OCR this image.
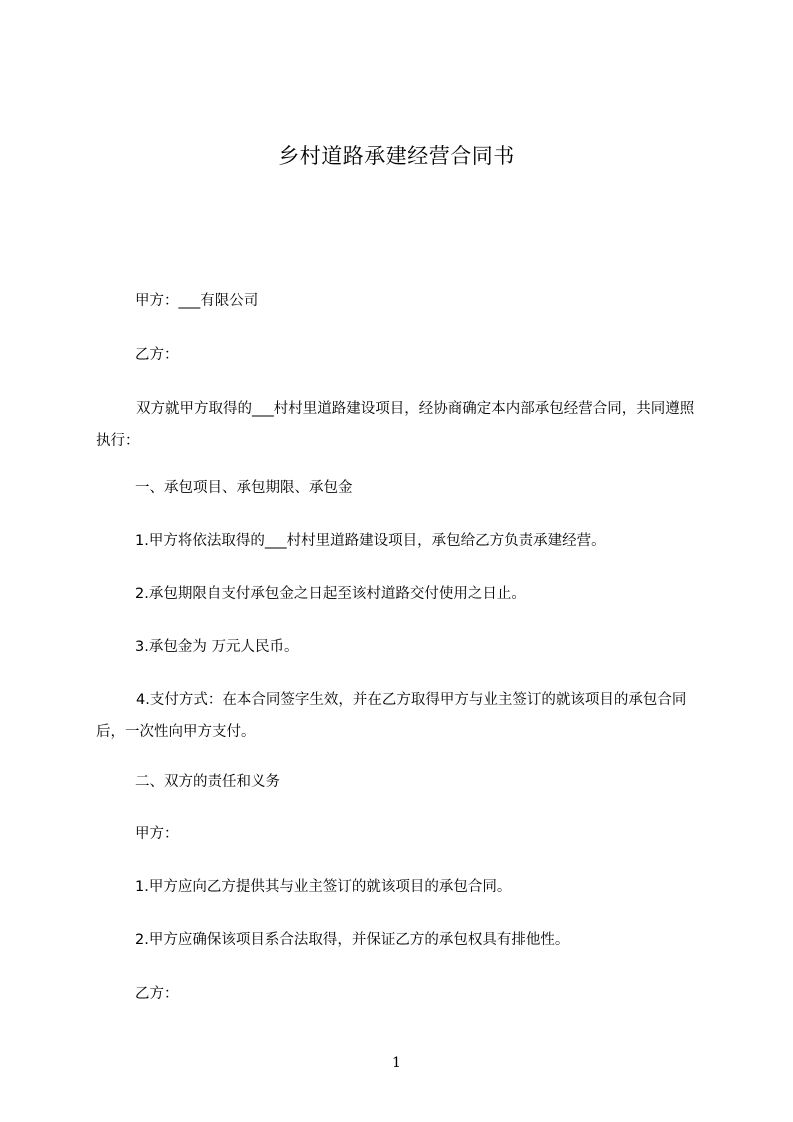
乡村道路承建经营合同书
甲方：___有限公司
乙方：
双方就甲方取得的___村村里道路建设项目，经协商确定本内部承包经营合同，共同遵照执行：
一、承包项目、承包期限、承包金
1.甲方将依法取得的___村村里道路建设项目，承包给乙方负责承建经营。
2.承包期限自支付承包金之日起至该村道路交付使用之日止。
3.承包金为 万元人民币。
4.支付方式：在本合同签字生效，并在乙方取得甲方与业主签订的就该项目的承包合同后，一次性向甲方支付。
二、双方的责任和义务
甲方：
1.甲方应向乙方提供其与业主签订的就该项目的承包合同。
2.甲方应确保该项目系合法取得，并保证乙方的承包权具有排他性。
乙方：
1
